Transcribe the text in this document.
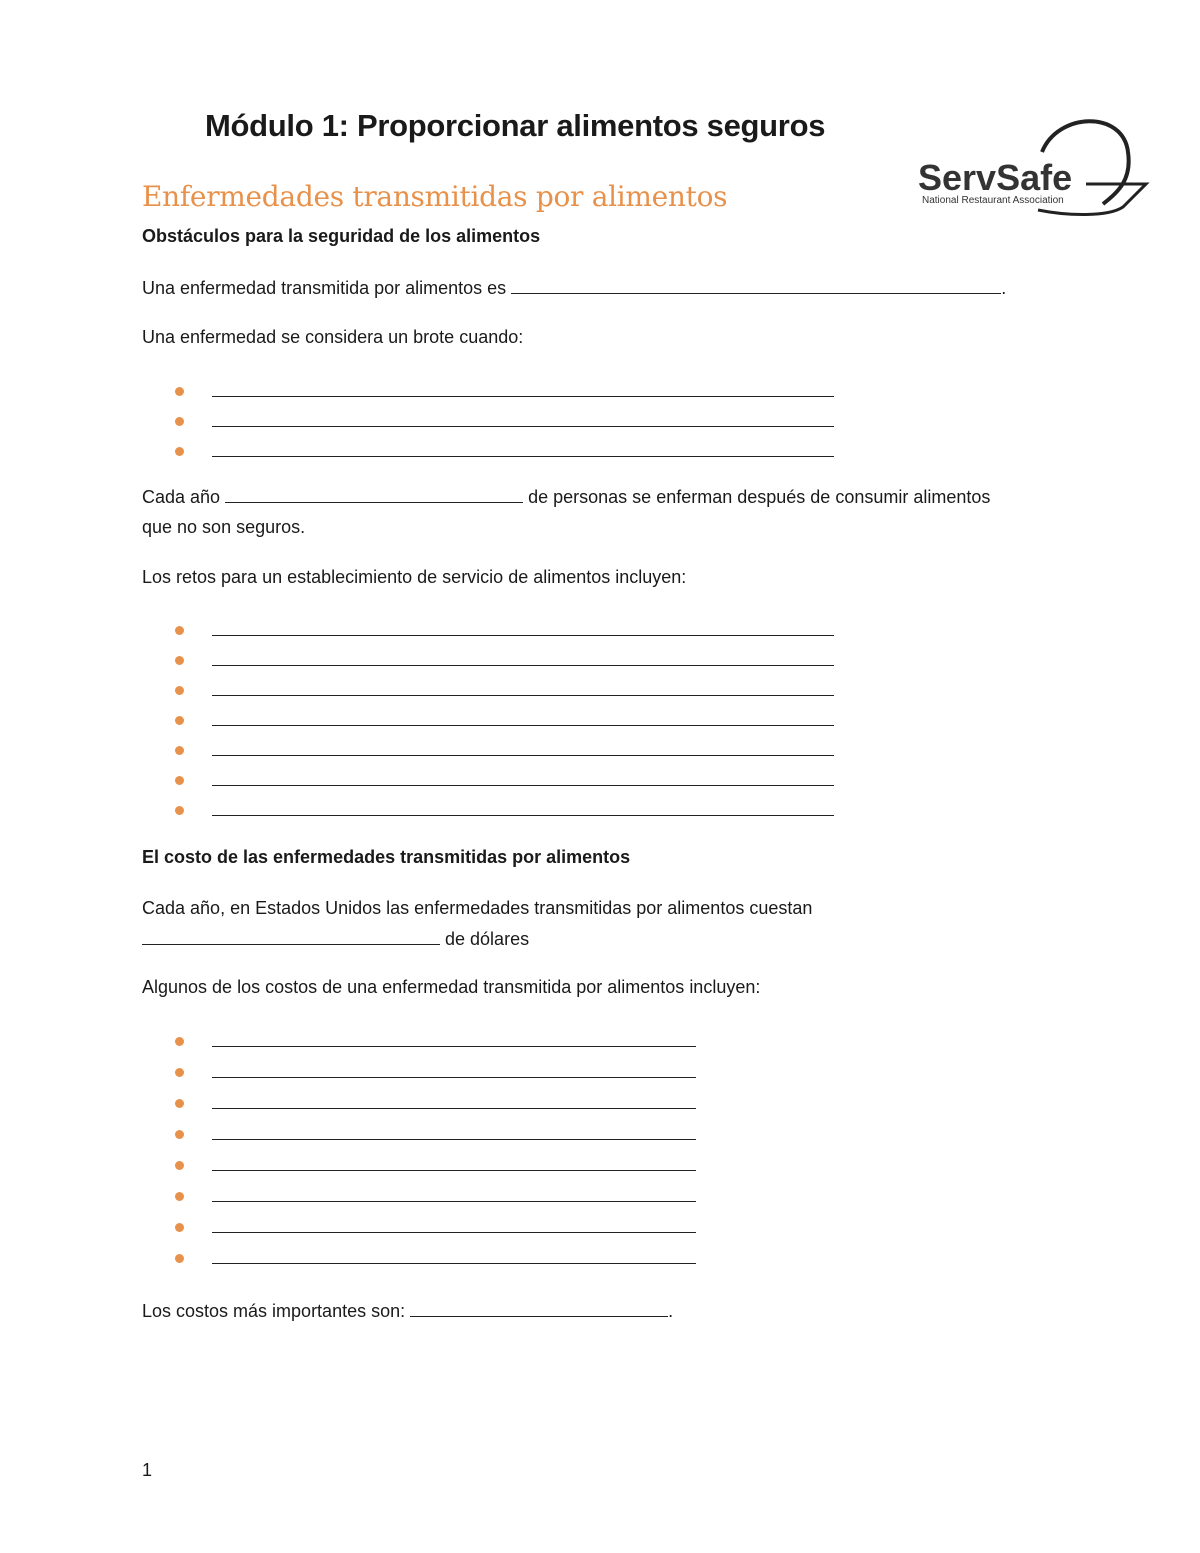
Módulo 1: Proporcionar alimentos seguros
ServSafe
National Restaurant Association
Enfermedades transmitidas por alimentos
Obstáculos para la seguridad de los alimentos
Una enfermedad transmitida por alimentos es	.
Una enfermedad se considera un brote cuando:
Cada año	de personas se enferman después de consumir alimentos
que no son seguros.
Los retos para un establecimiento de servicio de alimentos incluyen:
El costo de las enfermedades transmitidas por alimentos
Cada año, en Estados Unidos las enfermedades transmitidas por alimentos cuestan
de dólares
Algunos de los costos de una enfermedad transmitida por alimentos incluyen:
Los costos más importantes son:	.
1
